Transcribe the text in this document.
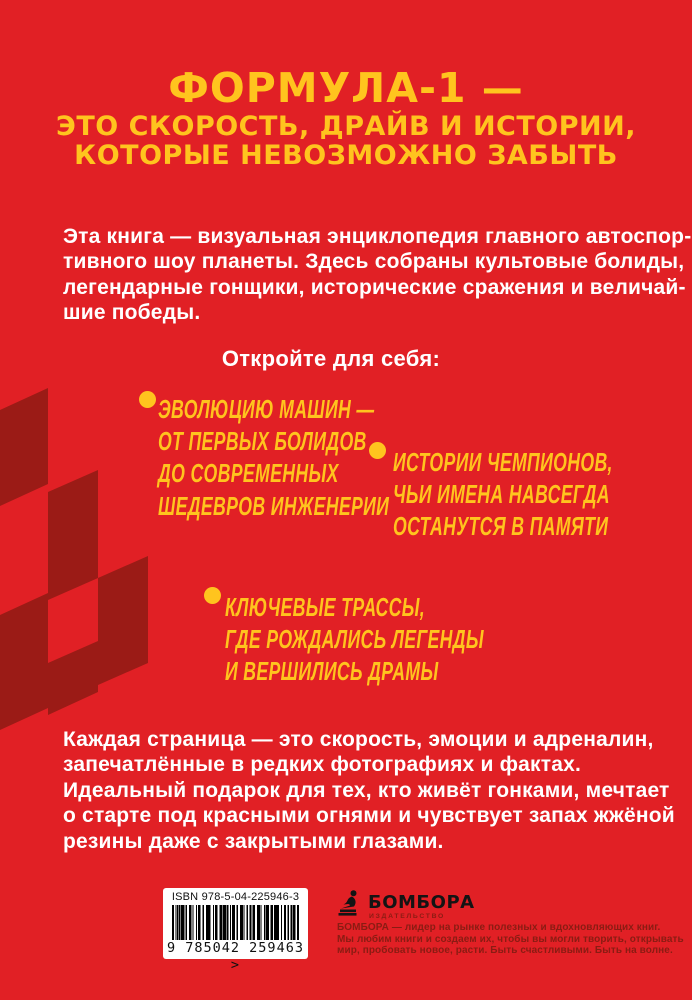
ФОРМУЛА-1 —
ЭТО СКОРОСТЬ, ДРАЙВ И ИСТОРИИ,
КОТОРЫЕ НЕВОЗМОЖНО ЗАБЫТЬ
Эта книга — визуальная энциклопедия главного автоспор-
тивного шоу планеты. Здесь собраны культовые болиды,
легендарные гонщики, исторические сражения и величай-
шие победы.
Откройте для себя:
ЭВОЛЮЦИЮ МАШИН —
ОТ ПЕРВЫХ БОЛИДОВ
ДО СОВРЕМЕННЫХ
ШЕДЕВРОВ ИНЖЕНЕРИИ
ИСТОРИИ ЧЕМПИОНОВ,
ЧЬИ ИМЕНА НАВСЕГДА
ОСТАНУТСЯ В ПАМЯТИ
КЛЮЧЕВЫЕ ТРАССЫ,
ГДЕ РОЖДАЛИСЬ ЛЕГЕНДЫ
И ВЕРШИЛИСЬ ДРАМЫ
Каждая страница — это скорость, эмоции и адреналин,
запечатлённые в редких фотографиях и фактах.
Идеальный подарок для тех, кто живёт гонками, мечтает
о старте под красными огнями и чувствует запах жжёной
резины даже с закрытыми глазами.
ISBN 978-5-04-225946-3
9 785042 259463 >
БОМБОРА
ИЗДАТЕЛЬСТВО
БОМБОРА — лидер на рынке полезных и вдохновляющих книг.
Мы любим книги и создаем их, чтобы вы могли творить, открывать
мир, пробовать новое, расти. Быть счастливыми. Быть на волне.
